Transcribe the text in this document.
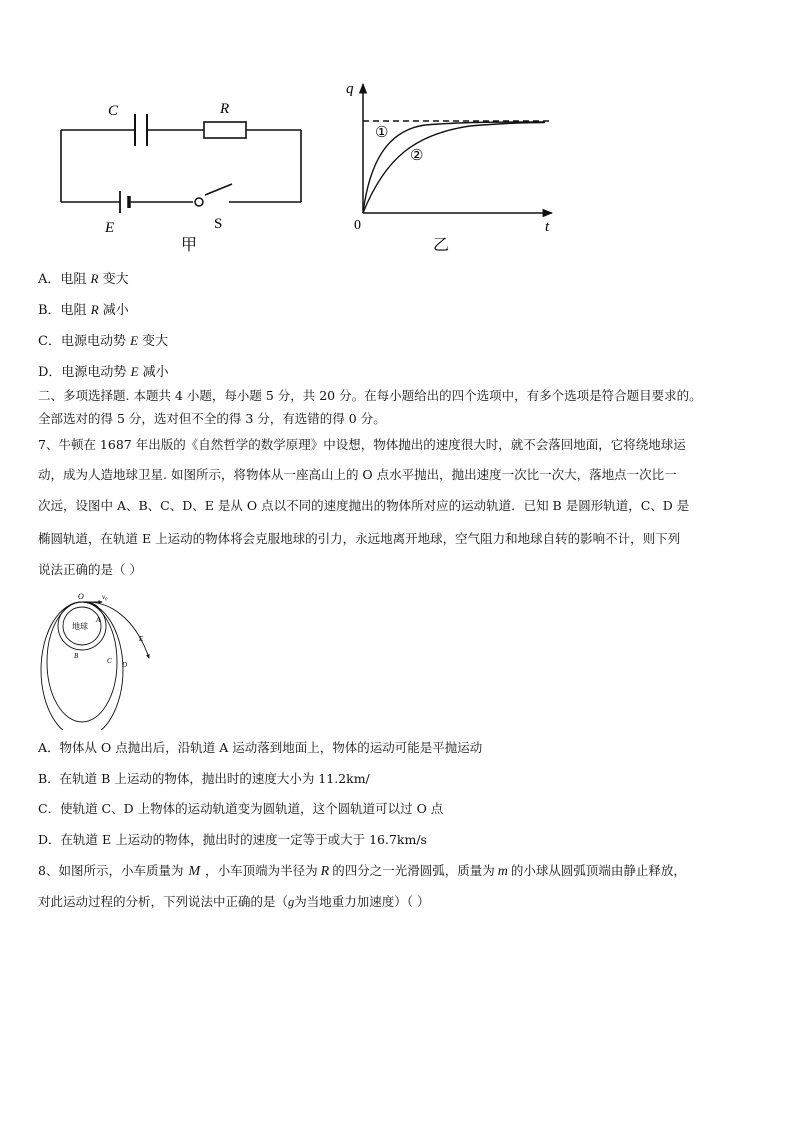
C	R
E	S
甲
q
t
0
①
②
乙
A．电阻 R 变大
B．电阻 R 减小
C．电源电动势 E 变大
D．电源电动势 E 减小
二、多项选择题. 本题共 4 小题，每小题 5 分，共 20 分。在每小题给出的四个选项中，有多个选项是符合题目要求的。
全部选对的得 5 分，选对但不全的得 3 分，有选错的得 0 分。
7、牛顿在 1687 年出版的《自然哲学的数学原理》中设想，物体抛出的速度很大时，就不会落回地面，它将绕地球运
动，成为人造地球卫星. 如图所示，将物体从一座高山上的 O 点水平抛出，抛出速度一次比一次大，落地点一次比一
次远，设图中 A、B、C、D、E 是从 O 点以不同的速度抛出的物体所对应的运动轨道．已知 B 是圆形轨道，C、D 是
椭圆轨道，在轨道 E 上运动的物体将会克服地球的引力，永远地离开地球，空气阻力和地球自转的影响不计，则下列
说法正确的是（ ）
O	v₀
地球
A
B
C D
E
A．物体从 O 点抛出后，沿轨道 A 运动落到地面上，物体的运动可能是平抛运动
B．在轨道 B 上运动的物体，抛出时的速度大小为 11.2km/
C．使轨道 C、D 上物体的运动轨道变为圆轨道，这个圆轨道可以过 O 点
D．在轨道 E 上运动的物体，抛出时的速度一定等于或大于 16.7km/s
8、如图所示，小车质量为 M ，小车顶端为半径为 R 的四分之一光滑圆弧，质量为 m 的小球从圆弧顶端由静止释放，
对此运动过程的分析，下列说法中正确的是（g为当地重力加速度）（ ）
